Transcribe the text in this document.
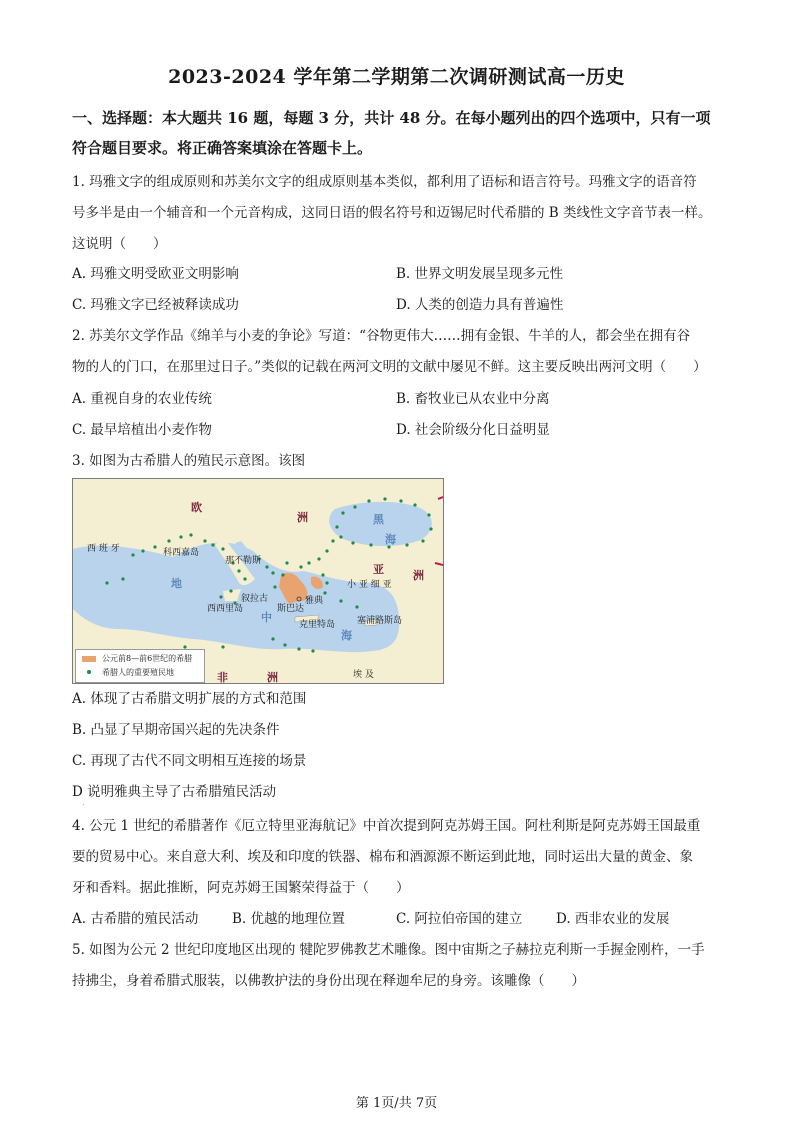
2023-2024 学年第二学期第二次调研测试高一历史
一、选择题：本大题共 16 题，每题 3 分，共计 48 分。在每小题列出的四个选项中，只有一项
符合题目要求。将正确答案填涂在答题卡上。
1. 玛雅文字的组成原则和苏美尔文字的组成原则基本类似，都利用了语标和语言符号。玛雅文字的语音符
号多半是由一个辅音和一个元音构成，这同日语的假名符号和迈锡尼时代希腊的 B 类线性文字音节表一样。
这说明（　　）
A. 玛雅文明受欧亚文明影响	B. 世界文明发展呈现多元性
C. 玛雅文字已经被释读成功	D. 人类的创造力具有普遍性
2. 苏美尔文学作品《绵羊与小麦的争论》写道：“谷物更伟大……拥有金银、牛羊的人，都会坐在拥有谷
物的人的门口，在那里过日子。”类似的记载在两河文明的文献中屡见不鲜。这主要反映出两河文明（　　）
A. 重视自身的农业传统	B. 畜牧业已从农业中分离
C. 最早培植出小麦作物	D. 社会阶级分化日益明显
3. 如图为古希腊人的殖民示意图。该图
欧
洲
亚	洲
非	洲
西 班 牙	科西嘉岛
那不勒斯
黑
海
小 亚 细 亚
地
中
海
叙拉古
西西里岛	斯巴达
雅典
克里特岛 塞浦路斯岛
埃 及
公元前8—前6世纪的希腊
希腊人的重要殖民地
A. 体现了古希腊文明扩展的方式和范围
B. 凸显了早期帝国兴起的先决条件
C. 再现了古代不同文明相互连接的场景
D 说明雅典主导了古希腊殖民活动
.
4. 公元 1 世纪的希腊著作《厄立特里亚海航记》中首次提到阿克苏姆王国。阿杜利斯是阿克苏姆王国最重
要的贸易中心。来自意大利、埃及和印度的铁器、棉布和酒源源不断运到此地，同时运出大量的黄金、象
牙和香料。据此推断，阿克苏姆王国繁荣得益于（　　）
A. 古希腊的殖民活动 B. 优越的地理位置	C. 阿拉伯帝国的建立 D. 西非农业的发展
5. 如图为公元 2 世纪印度地区出现的 犍陀罗佛教艺术雕像。图中宙斯之子赫拉克利斯一手握金刚杵，一手
持拂尘，身着希腊式服装，以佛教护法的身份出现在释迦牟尼的身旁。该雕像（　　）
第 1页/共 7页
